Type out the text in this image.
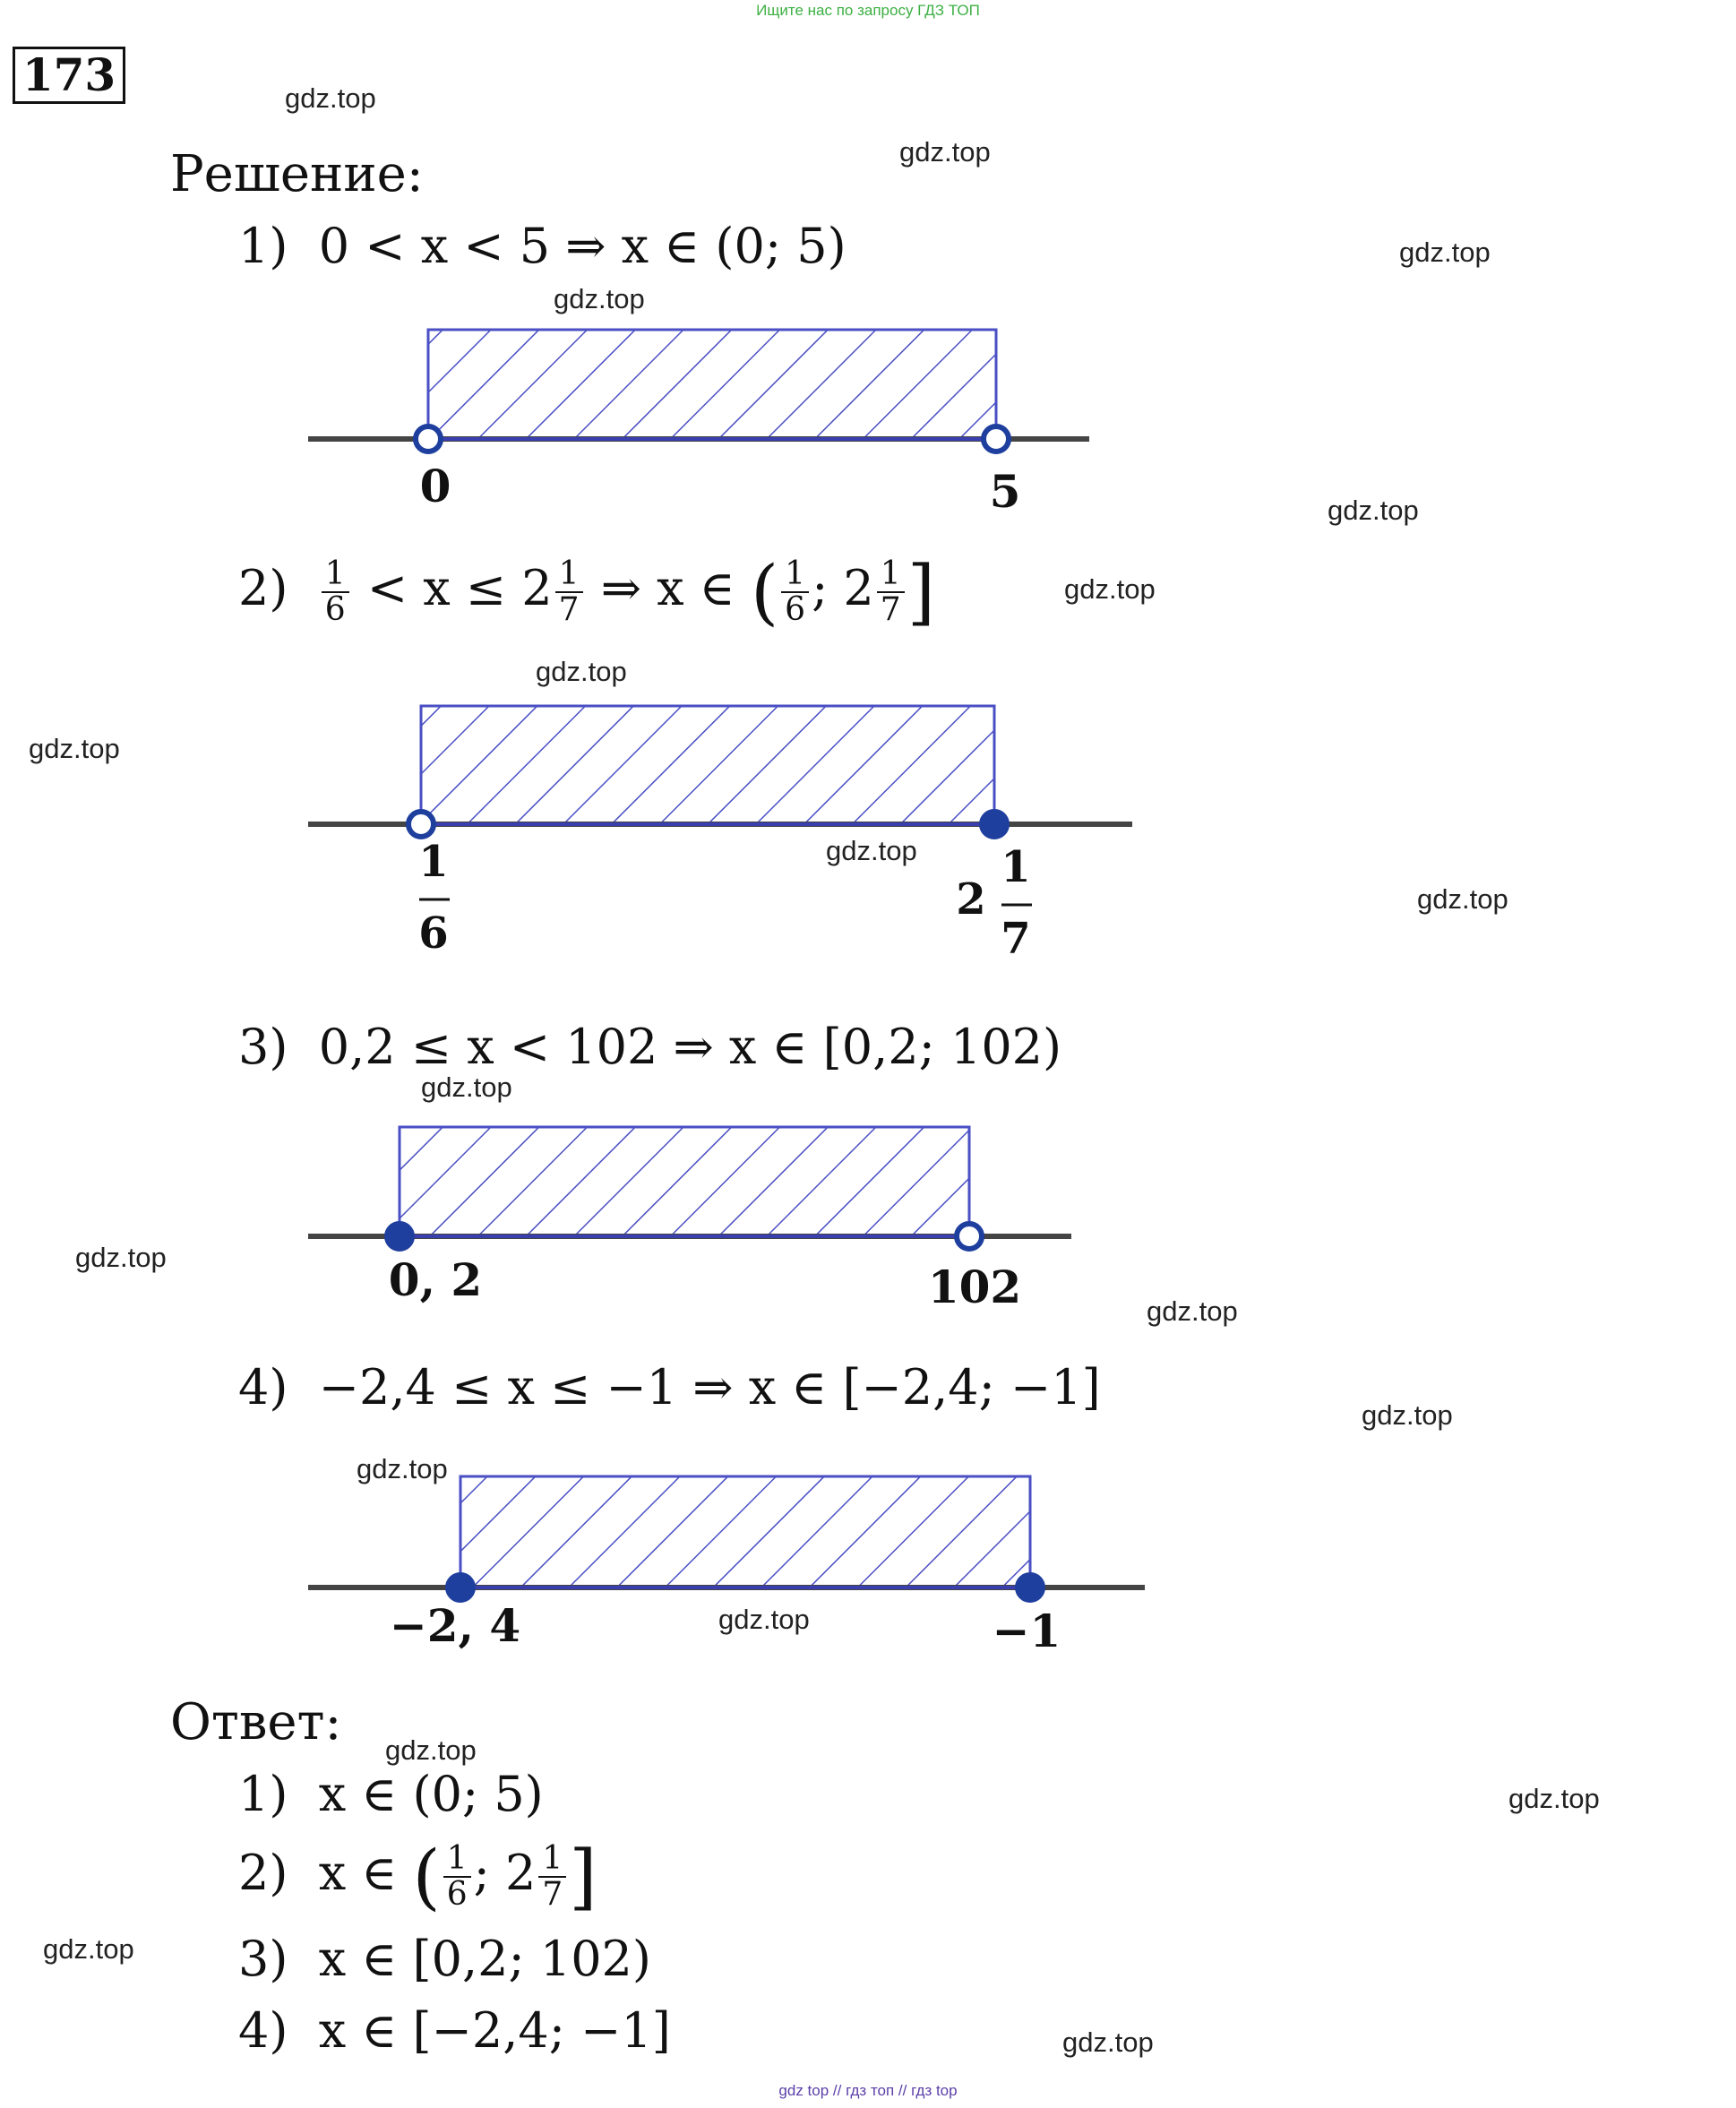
Ищите нас по запросу ГДЗ ТОП
173
Решение:
1) 0 < x < 5 ⇒ x ∈ (0; 5)
0	5
$2) \frac{1}{6} < x \le 2 \frac{1}{7}$ ⇒ x ∈ ( $\frac{1}{6}$ ; $2 \frac{1}{7}$ ]
1
6
2
1
7
3) 0,2 ≤ x < 102 ⇒ x ∈ [0,2; 102)
0, 2	102
4) −2,4 ≤ x ≤ −1 ⇒ x ∈ [−2,4; −1]
−2, 4	−1
Ответ:
1) x ∈ (0; 5)
2) x ∈ ( $\frac{1}{6}$ ; $2 \frac{1}{7}$ ]
3) x ∈ [0,2; 102)
4) x ∈ [−2,4; −1]
gdz.top
gdz.top
gdz.top
gdz.top
gdz.top
gdz.top
gdz.top
gdz.top
gdz.top
gdz.top
gdz.top
gdz.top
gdz.top
gdz.top
gdz.top
gdz.top
gdz.top
gdz.top
gdz.top
gdz.top
gdz top // гдз топ // гдз top
